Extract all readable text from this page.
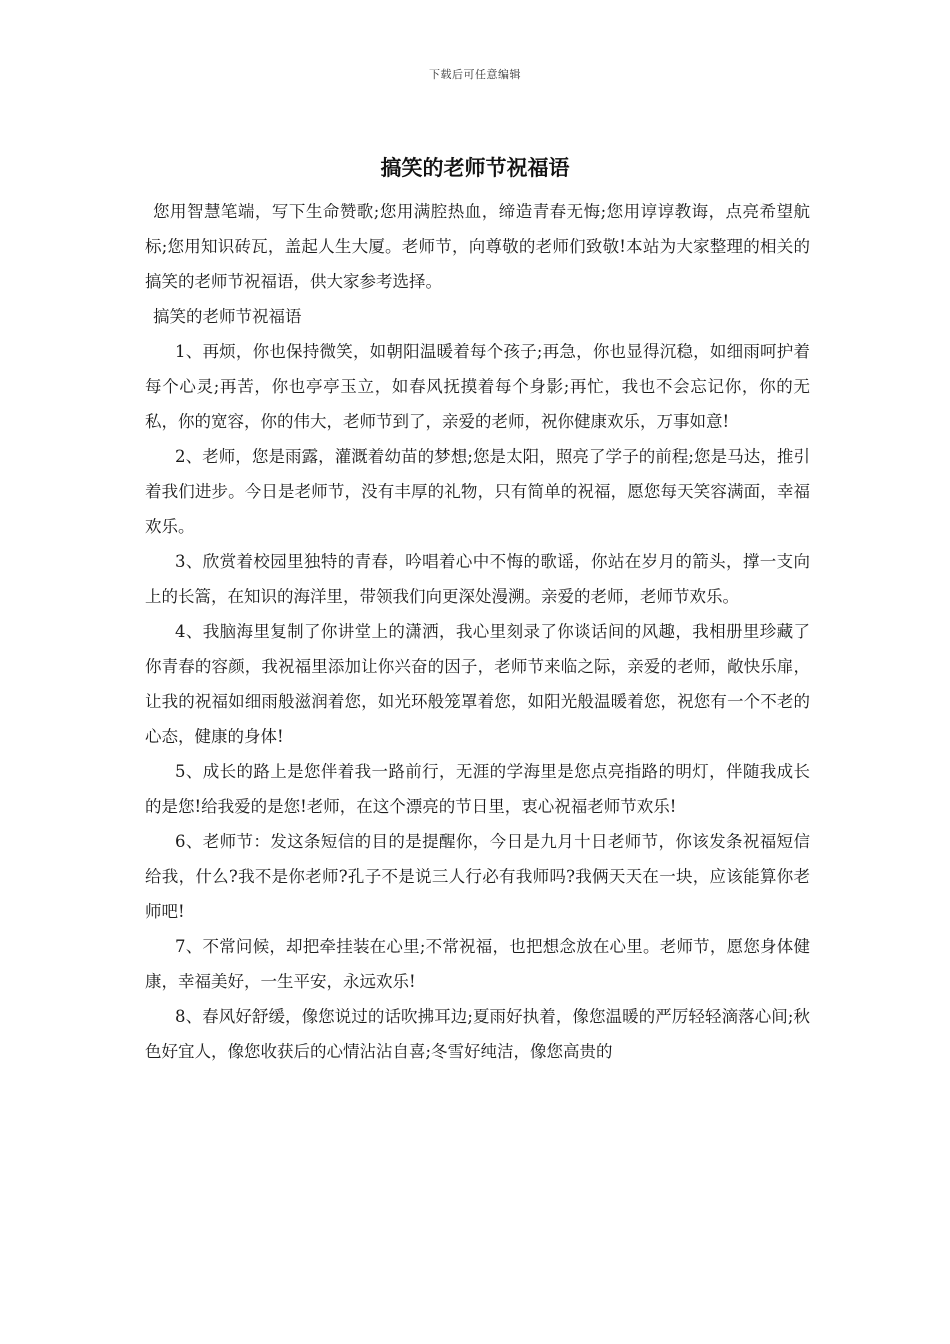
下载后可任意编辑
搞笑的老师节祝福语

您用智慧笔端，写下生命赞歌;您用满腔热血，缔造青春无悔;您用谆谆教诲，点亮希望航标;您用知识砖瓦，盖起人生大厦。老师节，向尊敬的老师们致敬!本站为大家整理的相关的搞笑的老师节祝福语，供大家参考选择。

搞笑的老师节祝福语

1、再烦，你也保持微笑，如朝阳温暖着每个孩子;再急，你也显得沉稳，如细雨呵护着每个心灵;再苦，你也亭亭玉立，如春风抚摸着每个身影;再忙，我也不会忘记你，你的无私，你的宽容，你的伟大，老师节到了，亲爱的老师，祝你健康欢乐，万事如意!

2、老师，您是雨露，灌溉着幼苗的梦想;您是太阳，照亮了学子的前程;您是马达，推引着我们进步。今日是老师节，没有丰厚的礼物，只有简单的祝福，愿您每天笑容满面，幸福欢乐。

3、欣赏着校园里独特的青春，吟唱着心中不悔的歌谣，你站在岁月的箭头，撑一支向上的长篙，在知识的海洋里，带领我们向更深处漫溯。亲爱的老师，老师节欢乐。

4、我脑海里复制了你讲堂上的潇洒，我心里刻录了你谈话间的风趣，我相册里珍藏了你青春的容颜，我祝福里添加让你兴奋的因子，老师节来临之际，亲爱的老师，敞快乐扉，让我的祝福如细雨般滋润着您，如光环般笼罩着您，如阳光般温暖着您，祝您有一个不老的心态，健康的身体!

5、成长的路上是您伴着我一路前行，无涯的学海里是您点亮指路的明灯，伴随我成长的是您!给我爱的是您!老师，在这个漂亮的节日里，衷心祝福老师节欢乐!

6、老师节：发这条短信的目的是提醒你，今日是九月十日老师节，你该发条祝福短信给我，什么?我不是你老师?孔子不是说三人行必有我师吗?我俩天天在一块，应该能算你老师吧!

7、不常问候，却把牵挂装在心里;不常祝福，也把想念放在心里。老师节，愿您身体健康，幸福美好，一生平安，永远欢乐!

8、春风好舒缓，像您说过的话吹拂耳边;夏雨好执着，像您温暖的严厉轻轻滴落心间;秋色好宜人，像您收获后的心情沾沾自喜;冬雪好纯洁，像您高贵的
